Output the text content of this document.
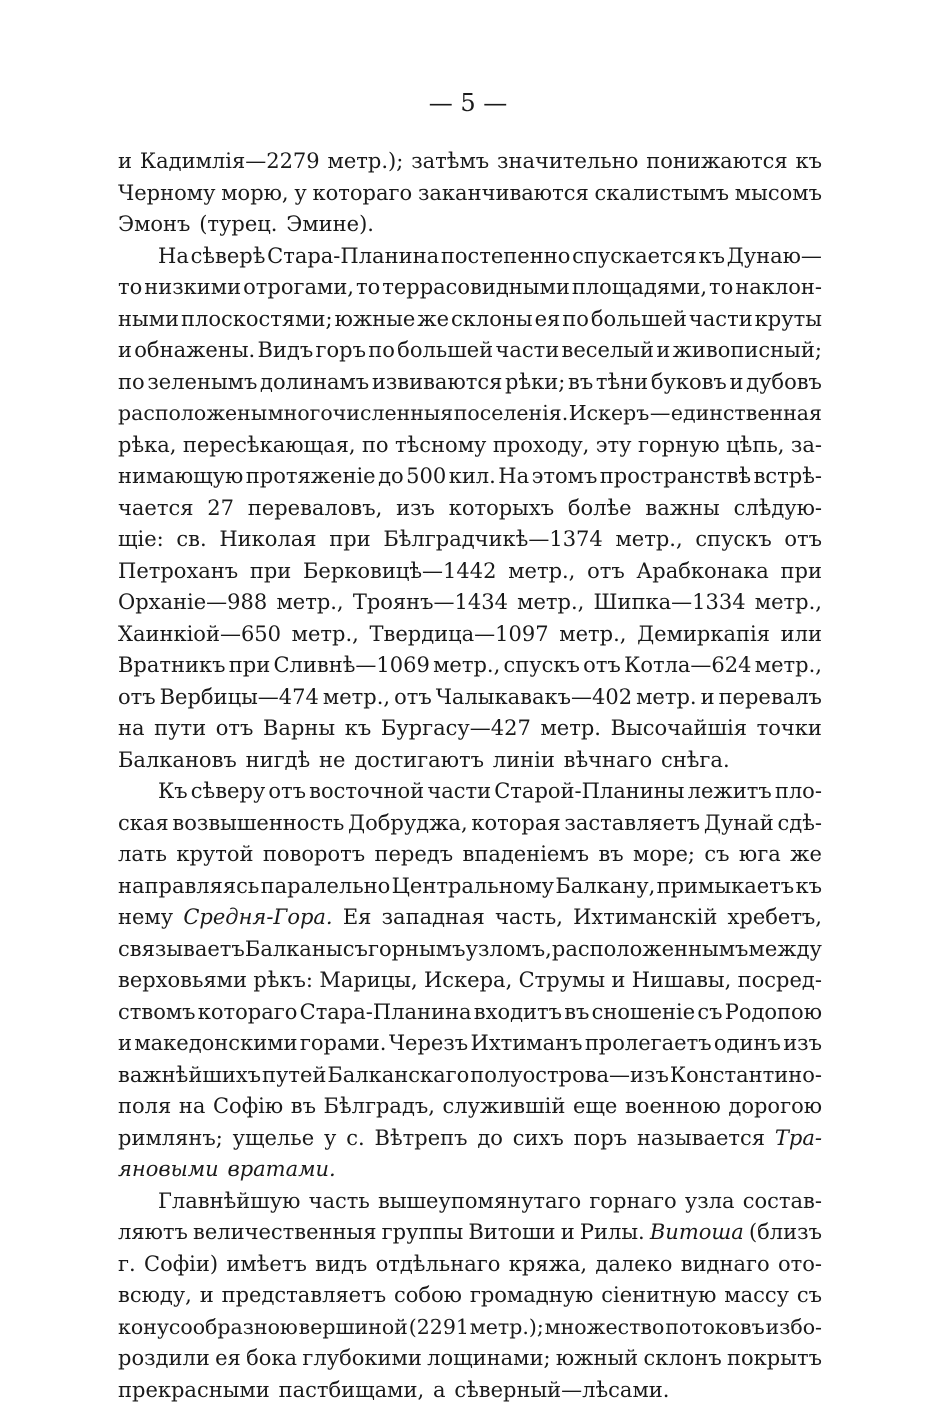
— 5 —
и Кадимлія—2279 метр.); затѣмъ значительно понижаются къ
Черному морю, у котораго заканчиваются скалистымъ мысомъ
Эмонъ (турец. Эмине).
На сѣверѣ Стара-Планина постепенно спускается къ Дунаю—
то низкими отрогами, то террасовидными площадями, то наклон-
ными плоскостями; южные же склоны ея по большей части круты
и обнажены. Видъ горъ по большей части веселый и живописный;
по зеленымъ долинамъ извиваются рѣки; въ тѣни буковъ и дубовъ
расположены многочисленныя поселенія. Искеръ — единственная
рѣка, пересѣкающая, по тѣсному проходу, эту горную цѣпь, за-
нимающую протяженіе до 500 кил. На этомъ пространствѣ встрѣ-
чается 27 переваловъ, изъ которыхъ болѣе важны слѣдую-
щіе: св. Николая при Бѣлградчикѣ—1374 метр., спускъ отъ
Петроханъ при Берковицѣ—1442 метр., отъ Арабконака при
Орханіе—988 метр., Троянъ—1434 метр., Шипка—1334 метр.,
Хаинкіой—650 метр., Твердица—1097 метр., Демиркапія или
Вратникъ при Сливнѣ—1069 метр., спускъ отъ Котла—624 метр.,
отъ Вербицы—474 метр., отъ Чалыкавакъ—402 метр. и перевалъ
на пути отъ Варны къ Бургасу—427 метр. Высочайшія точки
Балкановъ нигдѣ не достигаютъ линіи вѣчнаго снѣга.
Къ сѣверу отъ восточной части Старой-Планины лежитъ пло-
ская возвышенность Добруджа, которая заставляетъ Дунай сдѣ-
лать крутой поворотъ передъ впаденіемъ въ море; съ юга же
направляясь паралельно Центральному Балкану, примыкаетъ къ
нему Средня-Гора. Ея западная часть, Ихтиманскій хребетъ,
связываетъ Балканы съ горнымъ узломъ, расположеннымъ между
верховьями рѣкъ: Марицы, Искера, Струмы и Нишавы, посред-
ствомъ котораго Стара-Планина входитъ въ сношеніе съ Родопою
и македонскими горами. Черезъ Ихтиманъ пролегаетъ одинъ изъ
важнѣйшихъ путей Балканскаго полуострова—изъ Константино-
поля на Софію въ Бѣлградъ, служившій еще военною дорогою
римлянъ; ущелье у с. Вѣтрепъ до сихъ поръ называется Тра-
яновыми вратами.
Главнѣйшую часть вышеупомянутаго горнаго узла состав-
ляютъ величественныя группы Витоши и Рилы. Витоша (близъ
г. Софіи) имѣетъ видъ отдѣльнаго кряжа, далеко виднаго ото-
всюду, и представляетъ собою громадную сіенитную массу съ
конусообразною вершиной (2291 метр.); множество потоковъ избо-
роздили ея бока глубокими лощинами; южный склонъ покрытъ
прекрасными пастбищами, а сѣверный—лѣсами.
